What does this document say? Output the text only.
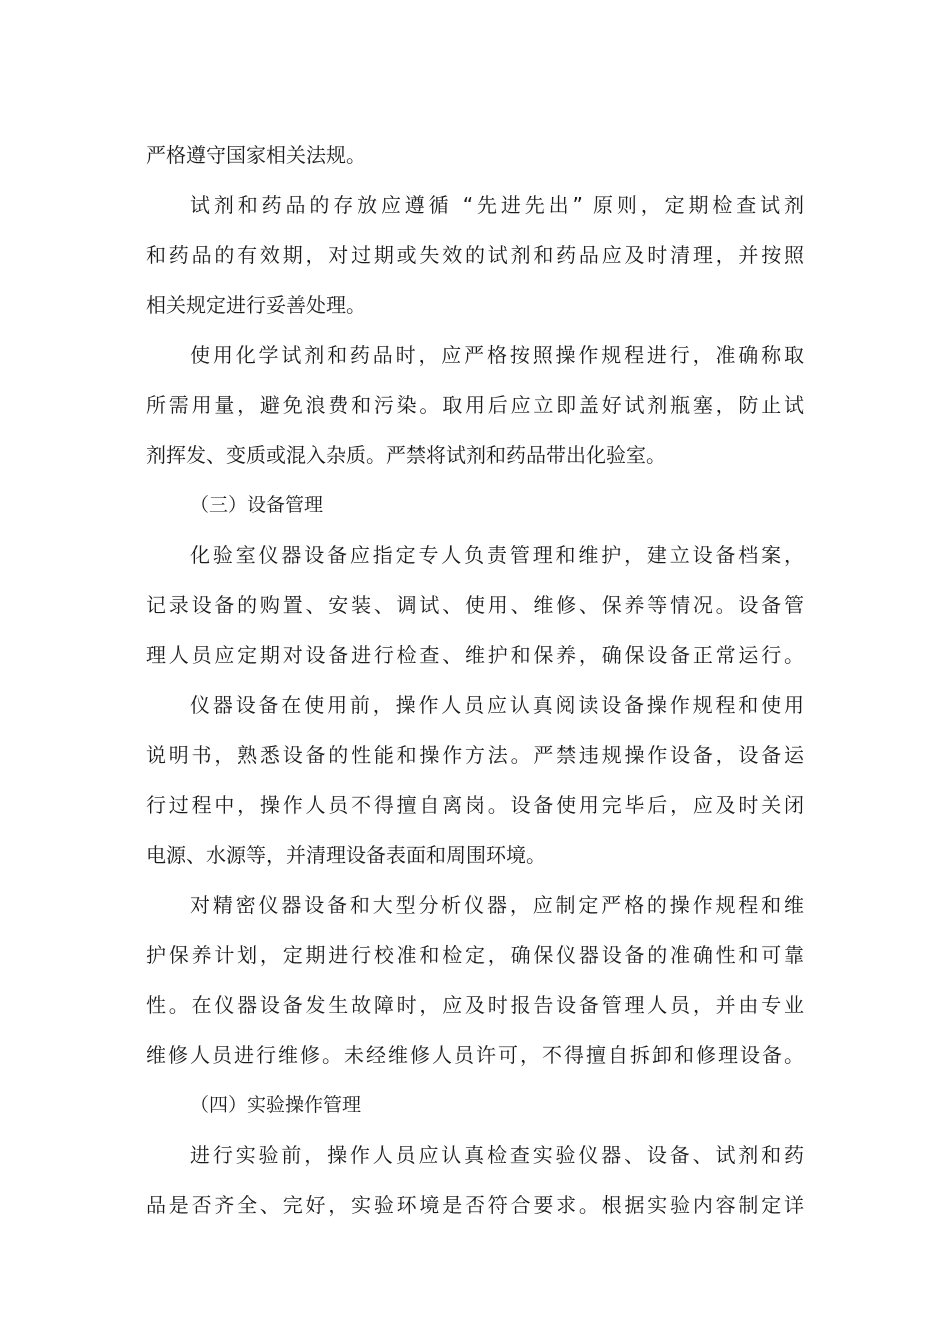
严格遵守国家相关法规。
试剂和药品的存放应遵循 “先进先出” 原则，定期检查试剂
和药品的有效期，对过期或失效的试剂和药品应及时清理，并按照
相关规定进行妥善处理。
使用化学试剂和药品时，应严格按照操作规程进行，准确称取
所需用量，避免浪费和污染。取用后应立即盖好试剂瓶塞，防止试
剂挥发、变质或混入杂质。严禁将试剂和药品带出化验室。
（三）设备管理
化验室仪器设备应指定专人负责管理和维护，建立设备档案，
记录设备的购置、安装、调试、使用、维修、保养等情况。设备管
理人员应定期对设备进行检查、维护和保养，确保设备正常运行。
仪器设备在使用前，操作人员应认真阅读设备操作规程和使用
说明书，熟悉设备的性能和操作方法。严禁违规操作设备，设备运
行过程中，操作人员不得擅自离岗。设备使用完毕后，应及时关闭
电源、水源等，并清理设备表面和周围环境。
对精密仪器设备和大型分析仪器，应制定严格的操作规程和维
护保养计划，定期进行校准和检定，确保仪器设备的准确性和可靠
性。在仪器设备发生故障时，应及时报告设备管理人员，并由专业
维修人员进行维修。未经维修人员许可，不得擅自拆卸和修理设备。
（四）实验操作管理
进行实验前，操作人员应认真检查实验仪器、设备、试剂和药
品是否齐全、完好，实验环境是否符合要求。根据实验内容制定详
